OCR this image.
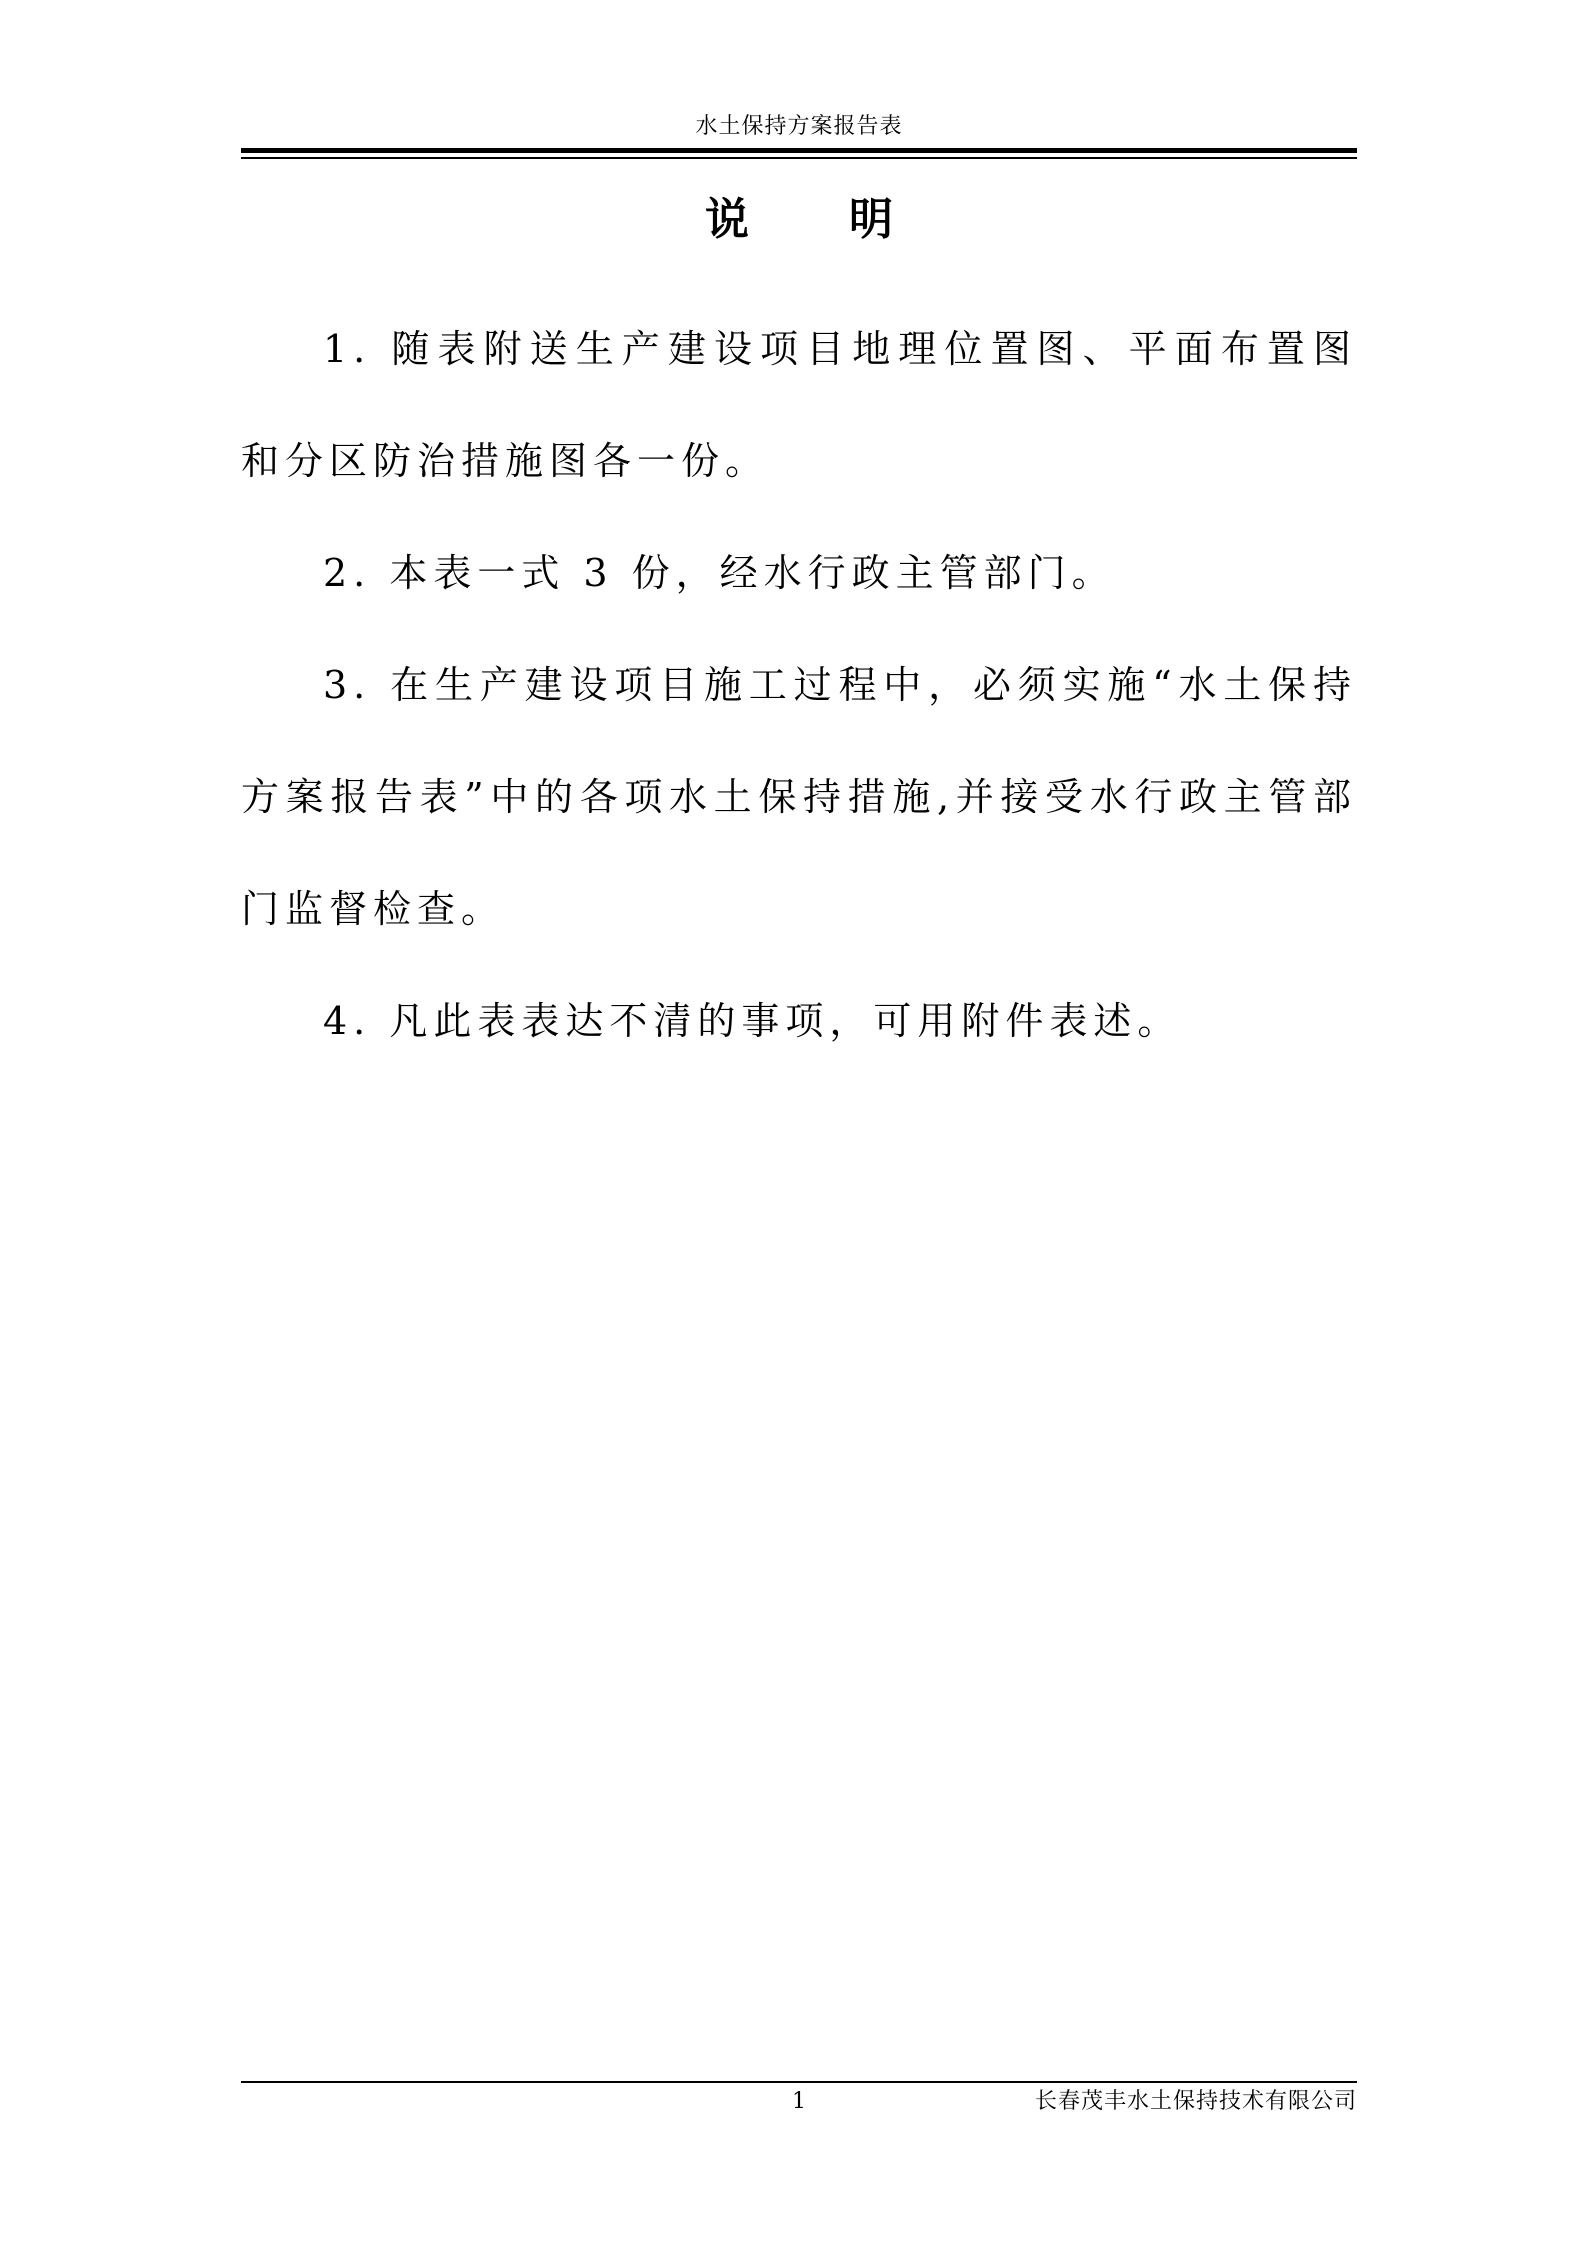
水土保持方案报告表
说明

1. 随表附送生产建设项目地理位置图、平面布置图和分区防治措施图各一份。

2. 本表一式 3 份，经水行政主管部门。

3. 在生产建设项目施工过程中，必须实施“水土保持方案报告表”中的各项水土保持措施,并接受水行政主管部门监督检查。

4. 凡此表表达不清的事项，可用附件表述。

1	长春茂丰水土保持技术有限公司
